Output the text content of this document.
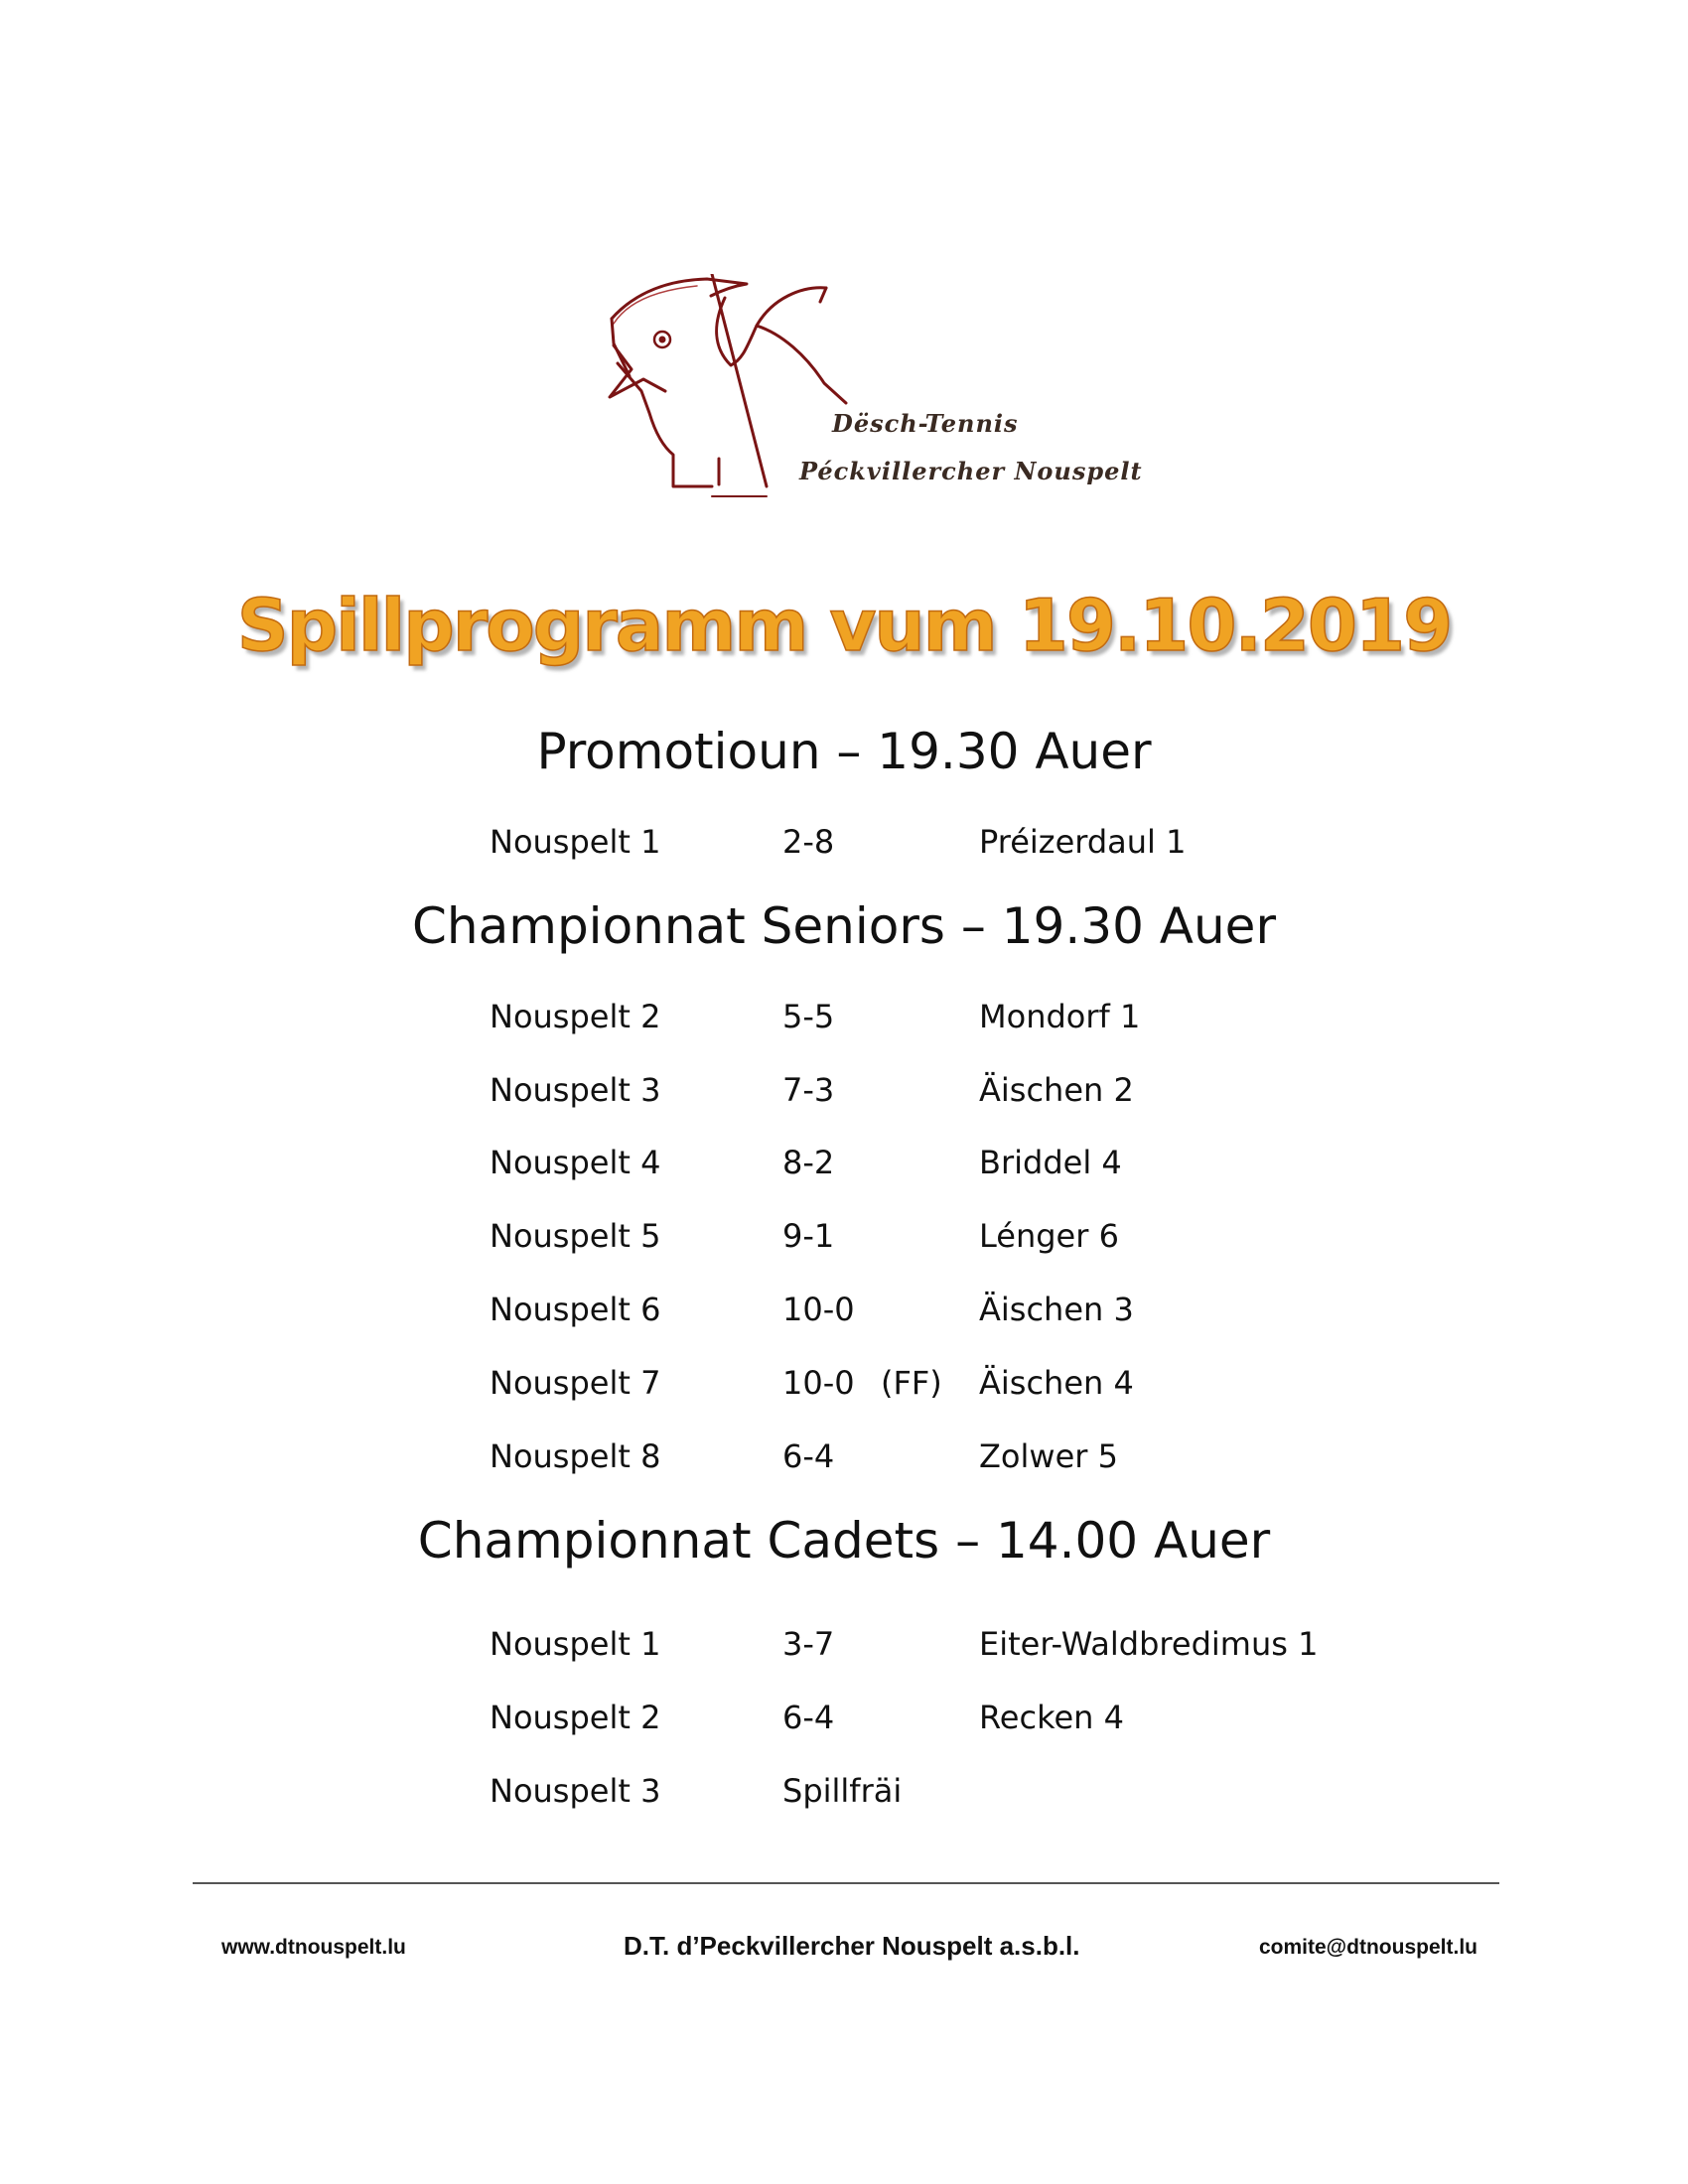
Dësch-Tennis
Péckvillercher Nouspelt
Spillprogramm vum 19.10.2019
Promotioun – 19.30 Auer
Nouspelt 1	2-8	Préizerdaul 1
Championnat Seniors – 19.30 Auer
Nouspelt 2	5-5	Mondorf 1
Nouspelt 3	7-3	Äischen 2
Nouspelt 4	8-2	Briddel 4
Nouspelt 5	9-1	Lénger 6
Nouspelt 6	10-0	Äischen 3
Nouspelt 7	10-0 (FF) Äischen 4
Nouspelt 8	6-4	Zolwer 5
Championnat Cadets – 14.00 Auer
Nouspelt 1	3-7	Eiter-Waldbredimus 1
Nouspelt 2	6-4	Recken 4
Nouspelt 3	Spillfräi
www.dtnouspelt.lu	D.T. d’Peckvillercher Nouspelt a.s.b.l.	comite@dtnouspelt.lu
